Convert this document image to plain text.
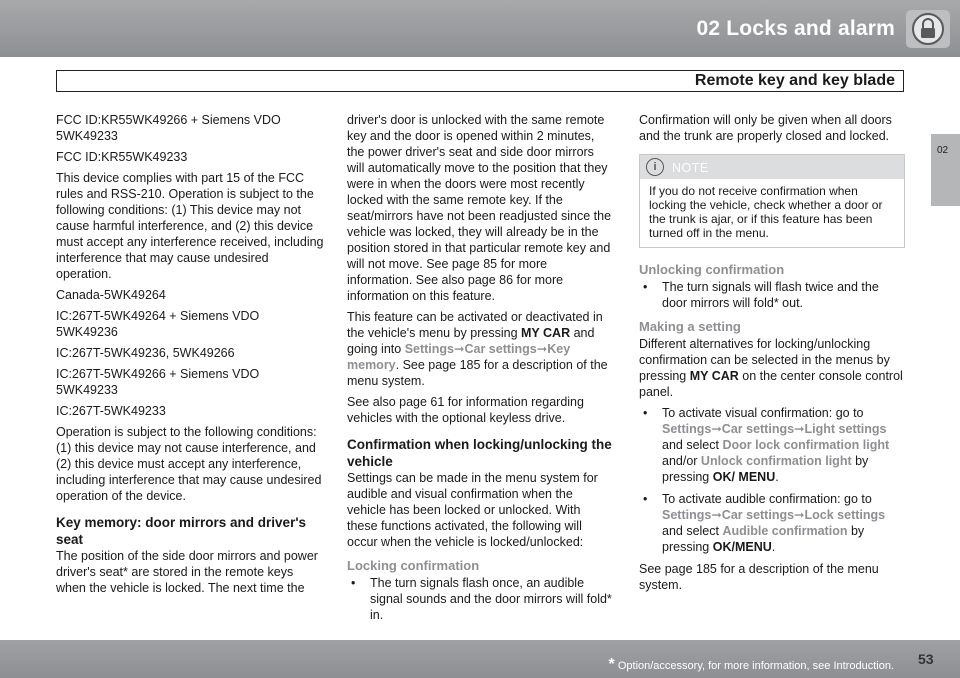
02 Locks and alarm
Remote key and key blade
02

FCC ID:KR55WK49266 + Siemens VDO 5WK49233

FCC ID:KR55WK49233

This device complies with part 15 of the FCC rules and RSS-210. Operation is subject to the following conditions: (1) This device may not cause harmful interference, and (2) this device must accept any interference received, including interference that may cause undesired operation.

Canada-5WK49264

IC:267T-5WK49264 + Siemens VDO 5WK49236

IC:267T-5WK49236, 5WK49266

IC:267T-5WK49266 + Siemens VDO 5WK49233

IC:267T-5WK49233

Operation is subject to the following conditions: (1) this device may not cause interference, and (2) this device must accept any interference, including interference that may cause undesired operation of the device.

Key memory: door mirrors and driver's seat

The position of the side door mirrors and power driver's seat* are stored in the remote keys when the vehicle is locked. The next time the

driver's door is unlocked with the same remote key and the door is opened within 2 minutes, the power driver's seat and side door mirrors will automatically move to the position that they were in when the doors were most recently locked with the same remote key. If the seat/mirrors have not been readjusted since the vehicle was locked, they will already be in the position stored in that particular remote key and will not move. See page 85 for more information. See also page 86 for more information on this feature.

This feature can be activated or deactivated in the vehicle's menu by pressing MY CAR and going into Settings➞Car settings➞Key memory. See page 185 for a description of the menu system.

See also page 61 for information regarding vehicles with the optional keyless drive.

Confirmation when locking/unlocking the vehicle

Settings can be made in the menu system for audible and visual confirmation when the vehicle has been locked or unlocked. With these functions activated, the following will occur when the vehicle is locked/unlocked:

Locking confirmation
• The turn signals flash once, an audible signal sounds and the door mirrors will fold* in.

Confirmation will only be given when all doors and the trunk are properly closed and locked.

i	NOTE
If you do not receive confirmation when locking the vehicle, check whether a door or the trunk is ajar, or if this feature has been turned off in the menu.
Unlocking confirmation
• The turn signals will flash twice and the door mirrors will fold* out.
Making a setting

Different alternatives for locking/unlocking confirmation can be selected in the menus by pressing MY CAR on the center console control panel.

• To activate visual confirmation: go to Settings➞Car settings➞Light settings and select Door lock confirmation light and/or Unlock confirmation light by pressing OK/ MENU.
• To activate audible confirmation: go to Settings➞Car settings➞Lock settings and select Audible confirmation by pressing OK/MENU.

See page 185 for a description of the menu system.

* Option/accessory, for more information, see Introduction. 53
